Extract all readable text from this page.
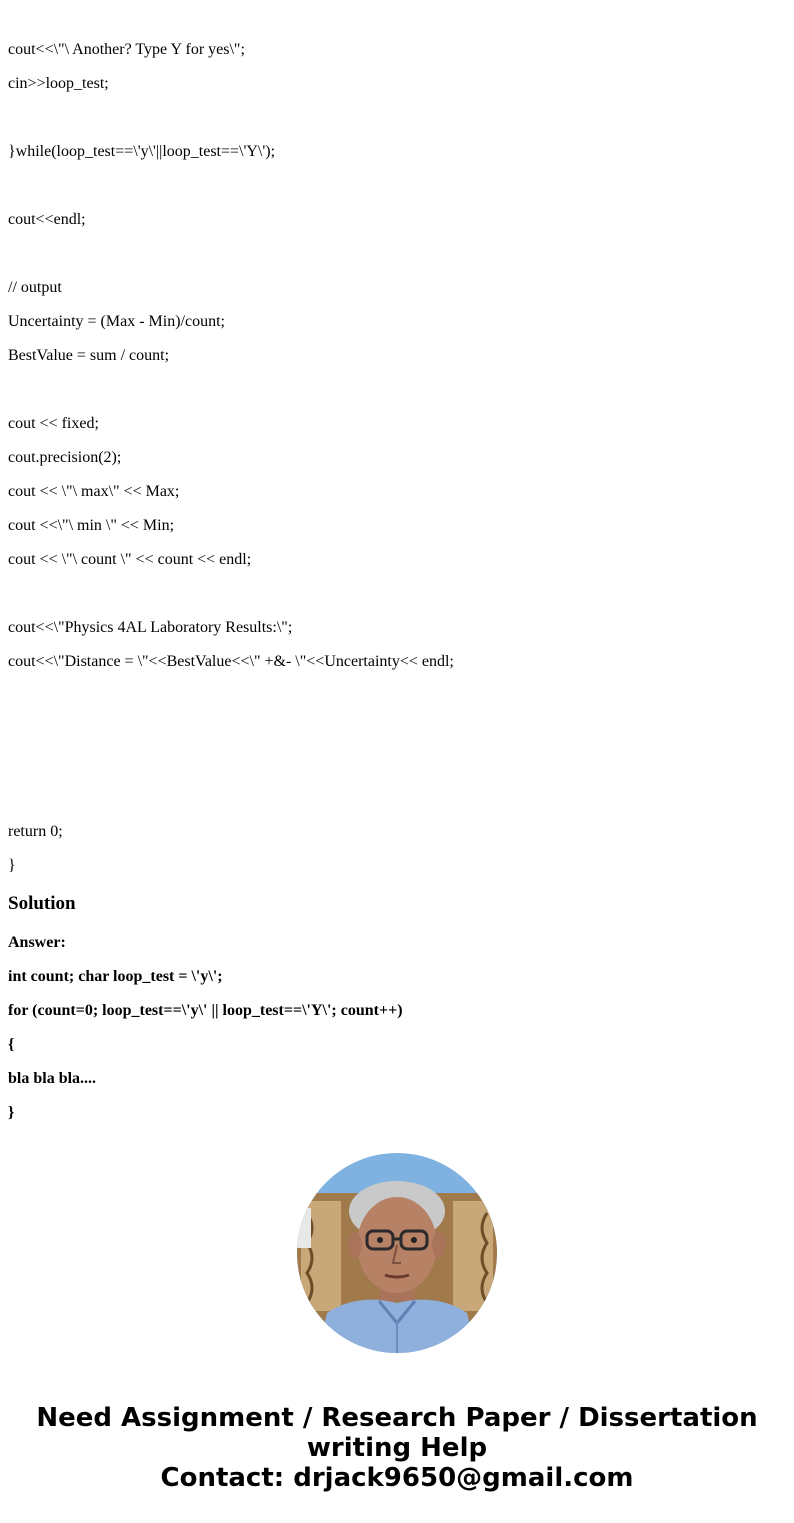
cout<<\"\ Another? Type Y for yes\";
cin>>loop_test;
}while(loop_test==\'y\'||loop_test==\'Y\');
cout<<endl;
// output
Uncertainty = (Max - Min)/count;
BestValue = sum / count;
cout << fixed;
cout.precision(2);
cout << \"\ max\" << Max;
cout <<\"\ min \" << Min;
cout << \"\ count \" << count << endl;
cout<<\"Physics 4AL Laboratory Results:\";
cout<<\"Distance = \"<<BestValue<<\" +&- \"<<Uncertainty<< endl;
return 0;
}
Solution
Answer:
int count; char loop_test = \'y\';
for (count=0; loop_test==\'y\' || loop_test==\'Y\'; count++)
{
bla bla bla....
}
Need Assignment / Research Paper / Dissertation
writing Help
Contact: drjack9650@gmail.com
